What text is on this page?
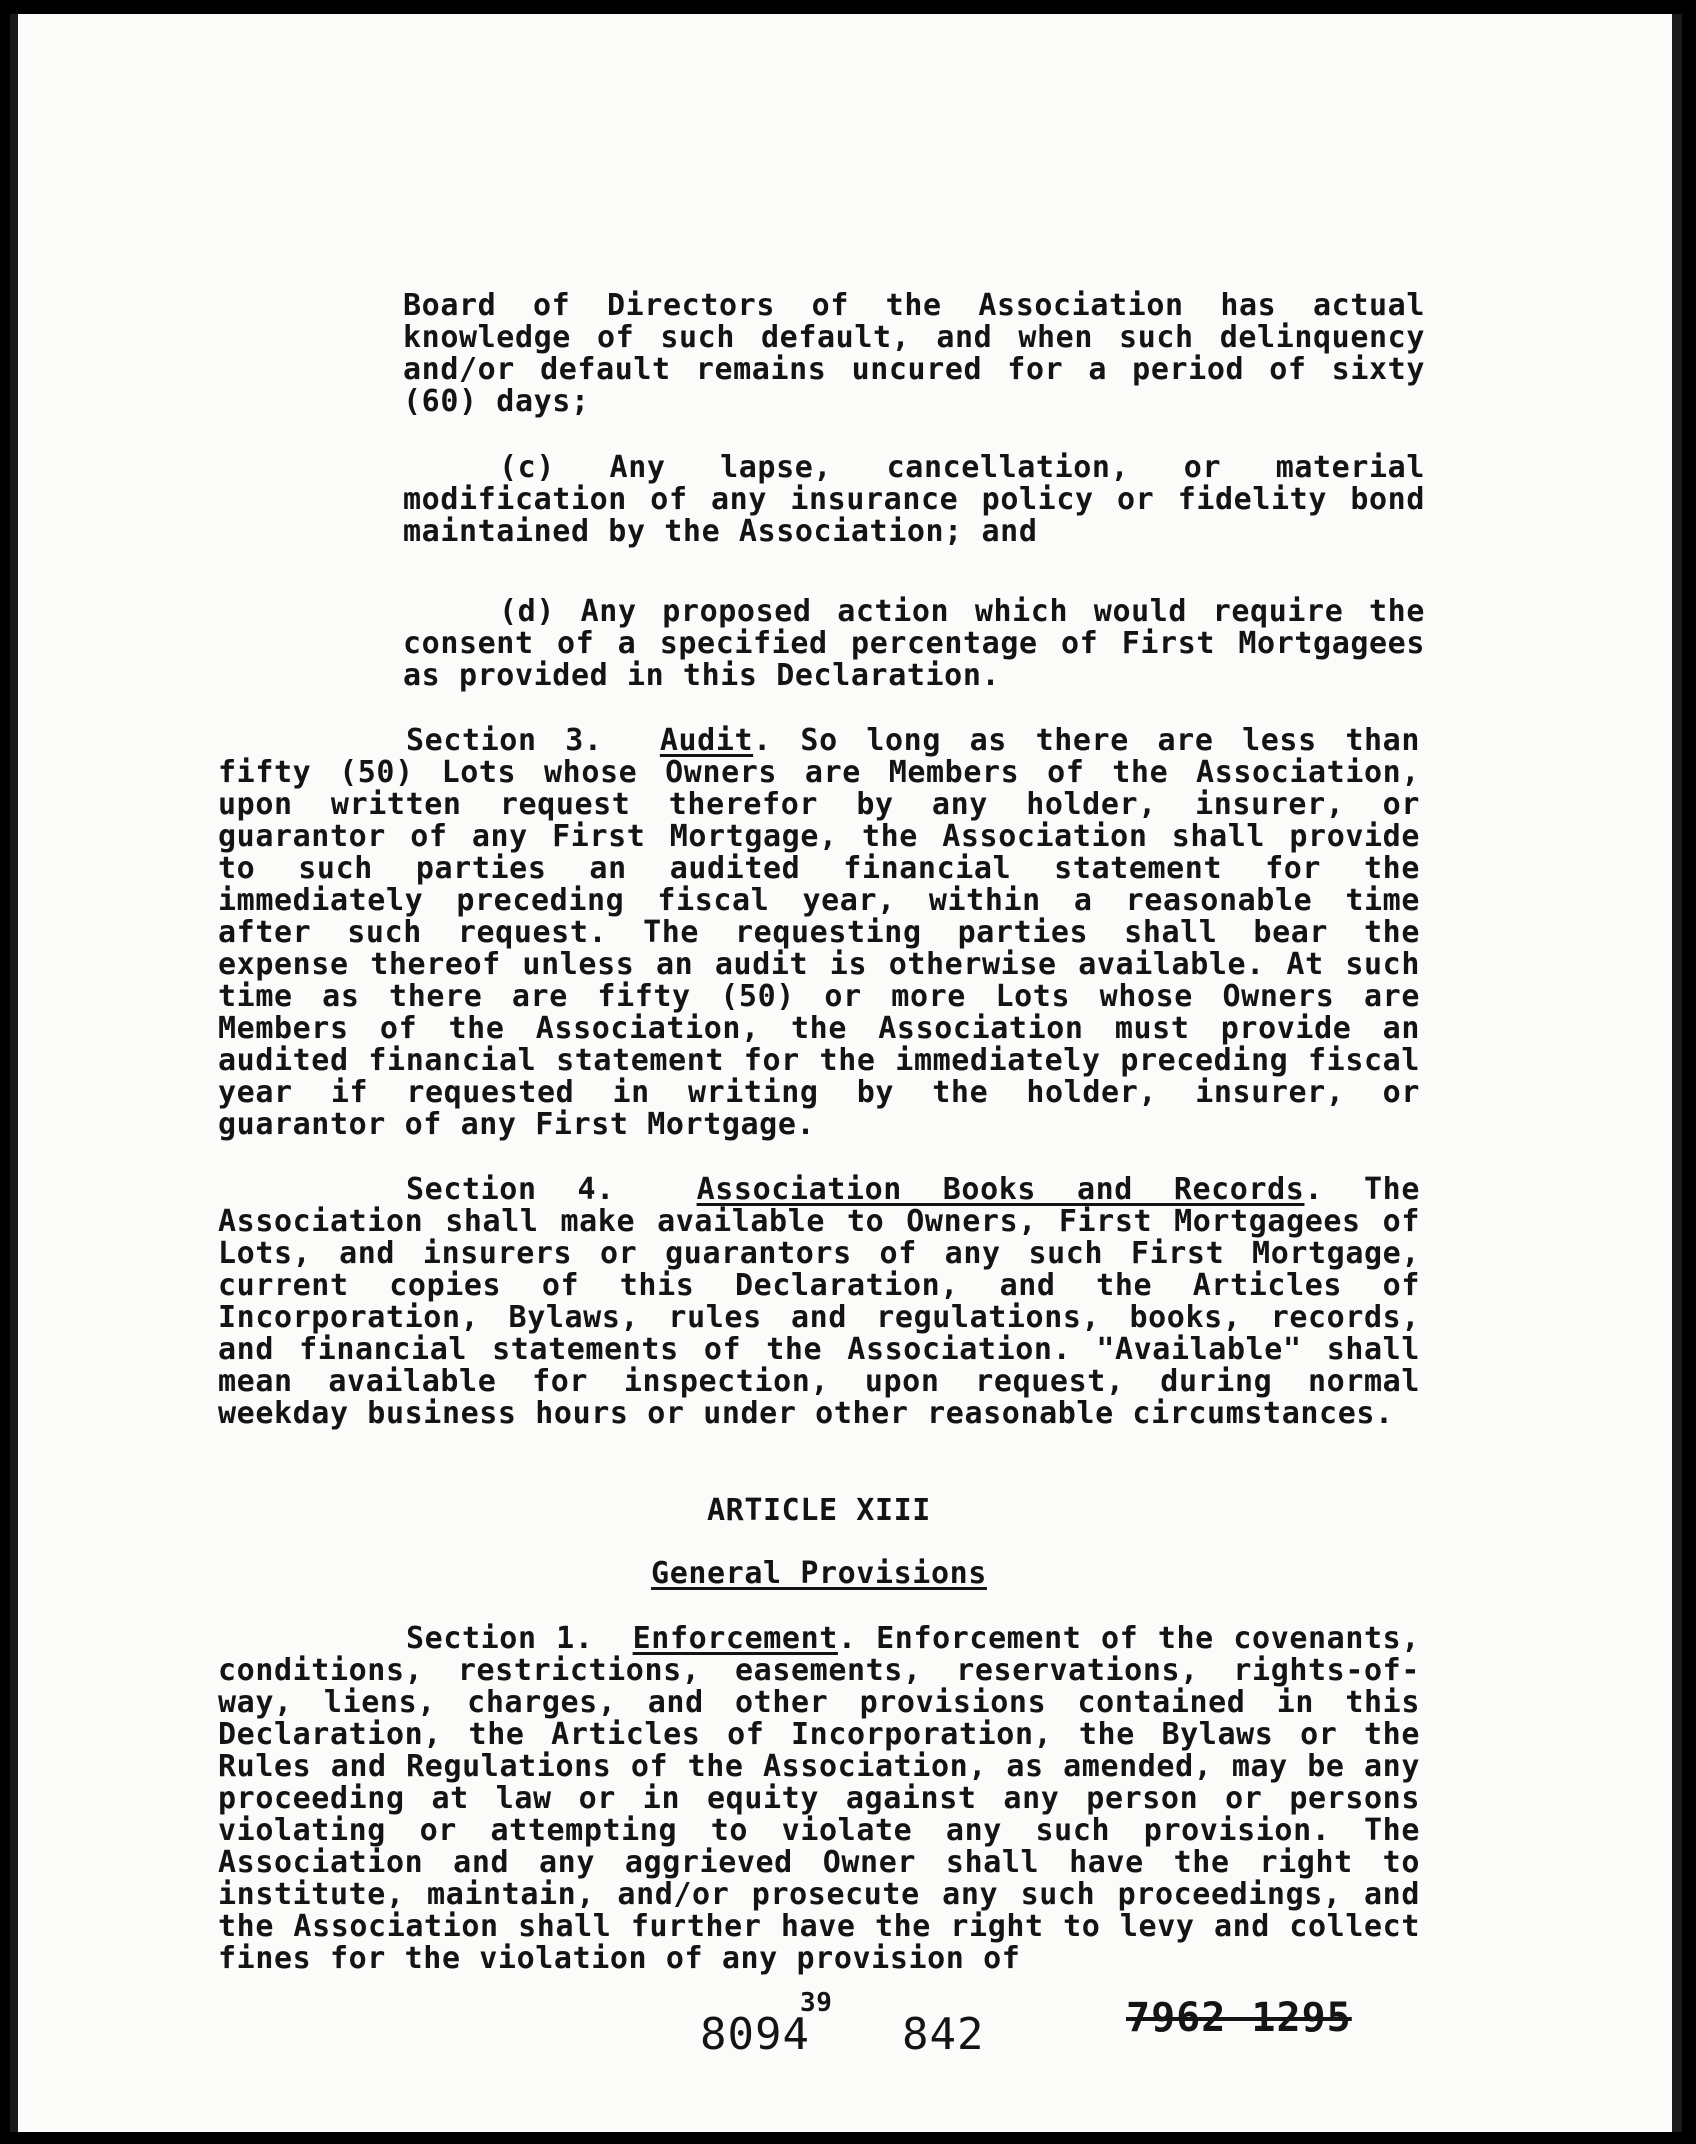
Board of Directors of the Association has actual knowledge of such default, and when such delinquency and/or default remains uncured for a period of sixty (60) days;
(c) Any lapse, cancellation, or material modification of any insurance policy or fidelity bond maintained by the Association; and
(d) Any proposed action which would require the consent of a specified percentage of First Mortgagees as provided in this Declaration.
Section 3. Audit. So long as there are less than fifty (50) Lots whose Owners are Members of the Association, upon written request therefor by any holder, insurer, or guarantor of any First Mortgage, the Association shall provide to such parties an audited financial statement for the immediately preceding fiscal year, within a reasonable time after such request. The requesting parties shall bear the expense thereof unless an audit is otherwise available. At such time as there are fifty (50) or more Lots whose Owners are Members of the Association, the Association must provide an audited financial statement for the immediately preceding fiscal year if requested in writing by the holder, insurer, or guarantor of any First Mortgage.
Section 4.	Association Books and Records. The Association shall make available to Owners, First Mortgagees of Lots, and insurers or guarantors of any such First Mortgage, current copies of this Declaration, and the Articles of Incorporation, Bylaws, rules and regulations, books, records, and financial statements of the Association. "Available" shall mean available for inspection, upon request, during normal weekday business hours or under other reasonable circumstances.
ARTICLE XIII
General Provisions
Section 1. Enforcement. Enforcement of the covenants, conditions, restrictions, easements, reservations, rights-of-way, liens, charges, and other provisions contained in this Declaration, the Articles of Incorporation, the Bylaws or the Rules and Regulations of the Association, as amended, may be any proceeding at law or in equity against any person or persons violating or attempting to violate any such provision. The Association and any aggrieved Owner shall have the right to institute, maintain, and/or prosecute any such proceedings, and the Association shall further have the right to levy and collect fines for the violation of any provision of
39
8094 842	7962 1295
